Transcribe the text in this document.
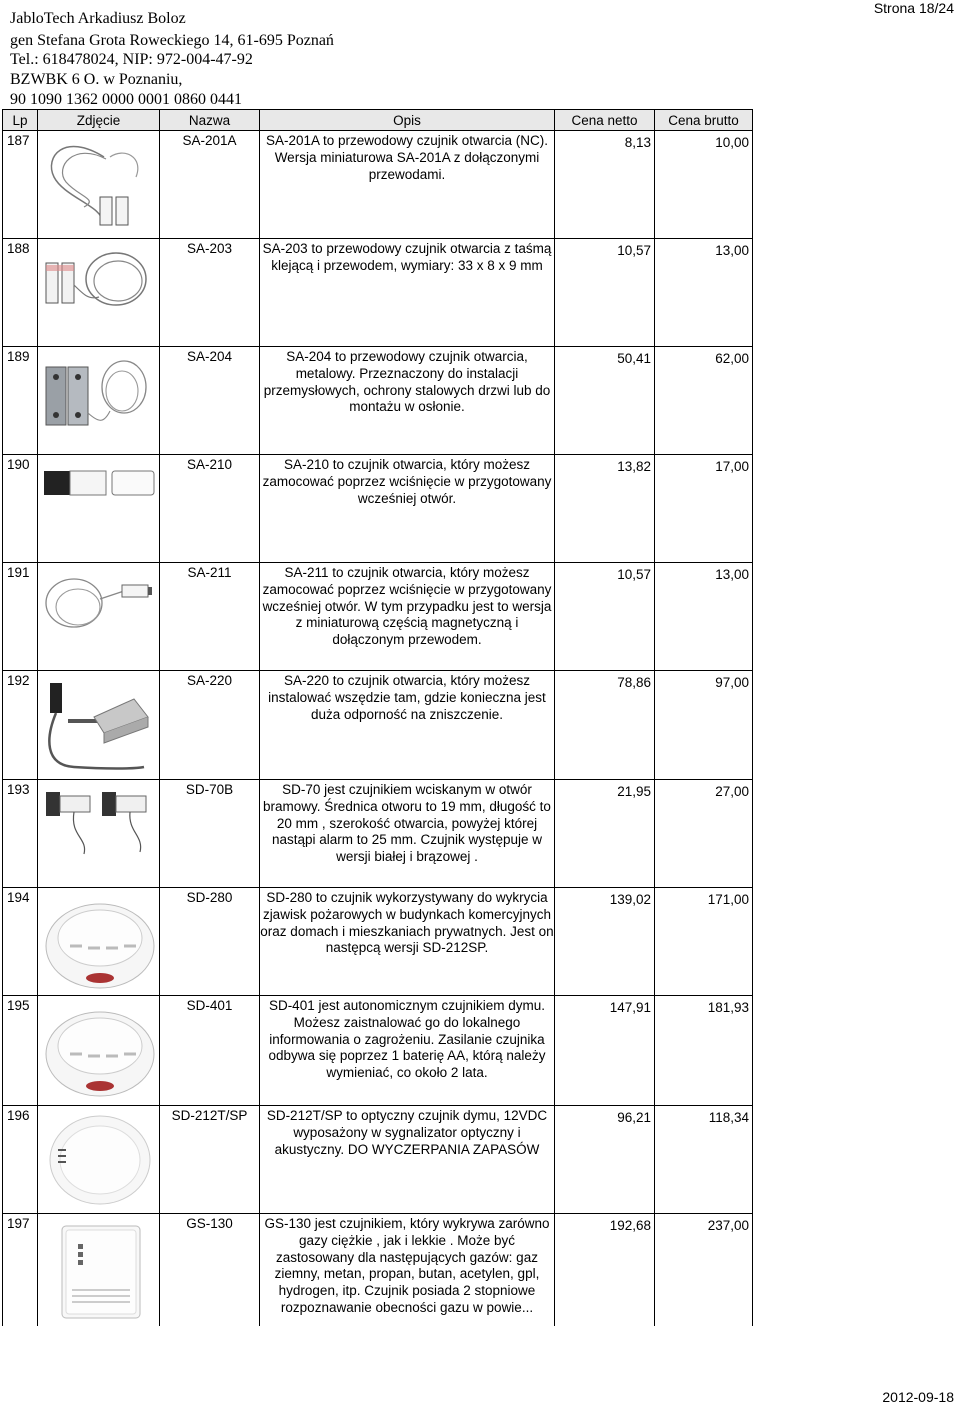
JabloTech Arkadiusz Boloz
gen Stefana Grota Roweckiego 14, 61-695 Poznań
Tel.: 618478024, NIP: 972-004-47-92
BZWBK 6 O. w Poznaniu,
90 1090 1362 0000 0001 0860 0441
Strona 18/24
Lp	Zdjęcie	Nazwa	Opis	Cena netto	Cena brutto
187		SA-201A	SA-201A to przewodowy czujnik otwarcia (NC). Wersja miniaturowa SA-201A z dołączonymi przewodami.	8,13	10,00
188		SA-203	SA-203 to przewodowy czujnik otwarcia z taśmą klejącą i przewodem, wymiary: 33 x 8 x 9 mm	10,57	13,00
189		SA-204	SA-204 to przewodowy czujnik otwarcia, metalowy. Przeznaczony do instalacji przemysłowych, ochrony stalowych drzwi lub do montażu w osłonie.	50,41	62,00
190		SA-210	SA-210 to czujnik otwarcia, który możesz zamocować poprzez wciśnięcie w przygotowany wcześniej otwór.	13,82	17,00
191		SA-211	SA-211 to czujnik otwarcia, który możesz zamocować poprzez wciśnięcie w przygotowany wcześniej otwór. W tym przypadku jest to wersja z miniaturową częścią magnetyczną i dołączonym przewodem.	10,57	13,00
192		SA-220	SA-220 to czujnik otwarcia, który możesz instalować wszędzie tam, gdzie konieczna jest duża odporność na zniszczenie.	78,86	97,00
193		SD-70B	SD-70 jest czujnikiem wciskanym w otwór bramowy. Średnica otworu to 19 mm, długość to 20 mm , szerokość otwarcia, powyżej której nastąpi alarm to 25 mm. Czujnik występuje w wersji białej i brązowej .	21,95	27,00
194		SD-280	SD-280 to czujnik wykorzystywany do wykrycia zjawisk pożarowych w budynkach komercyjnych oraz domach i mieszkaniach prywatnych. Jest on następcą wersji SD-212SP.	139,02	171,00
195		SD-401	SD-401 jest autonomicznym czujnikiem dymu. Możesz zaistnalować go do lokalnego informowania o zagrożeniu. Zasilanie czujnika odbywa się poprzez 1 baterię AA, którą należy wymieniać, co około 2 lata.	147,91	181,93
196		SD-212T/SP	SD-212T/SP to optyczny czujnik dymu, 12VDC wyposażony w sygnalizator optyczny i akustyczny. DO WYCZERPANIA ZAPASÓW	96,21	118,34
197		GS-130	GS-130 jest czujnikiem, który wykrywa zarówno gazy ciężkie , jak i lekkie . Może być zastosowany dla następujących gazów: gaz ziemny, metan, propan, butan, acetylen, gpl, hydrogen, itp. Czujnik posiada 2 stopniowe rozpoznawanie obecności gazu w powie...	192,68	237,00
2012-09-18
